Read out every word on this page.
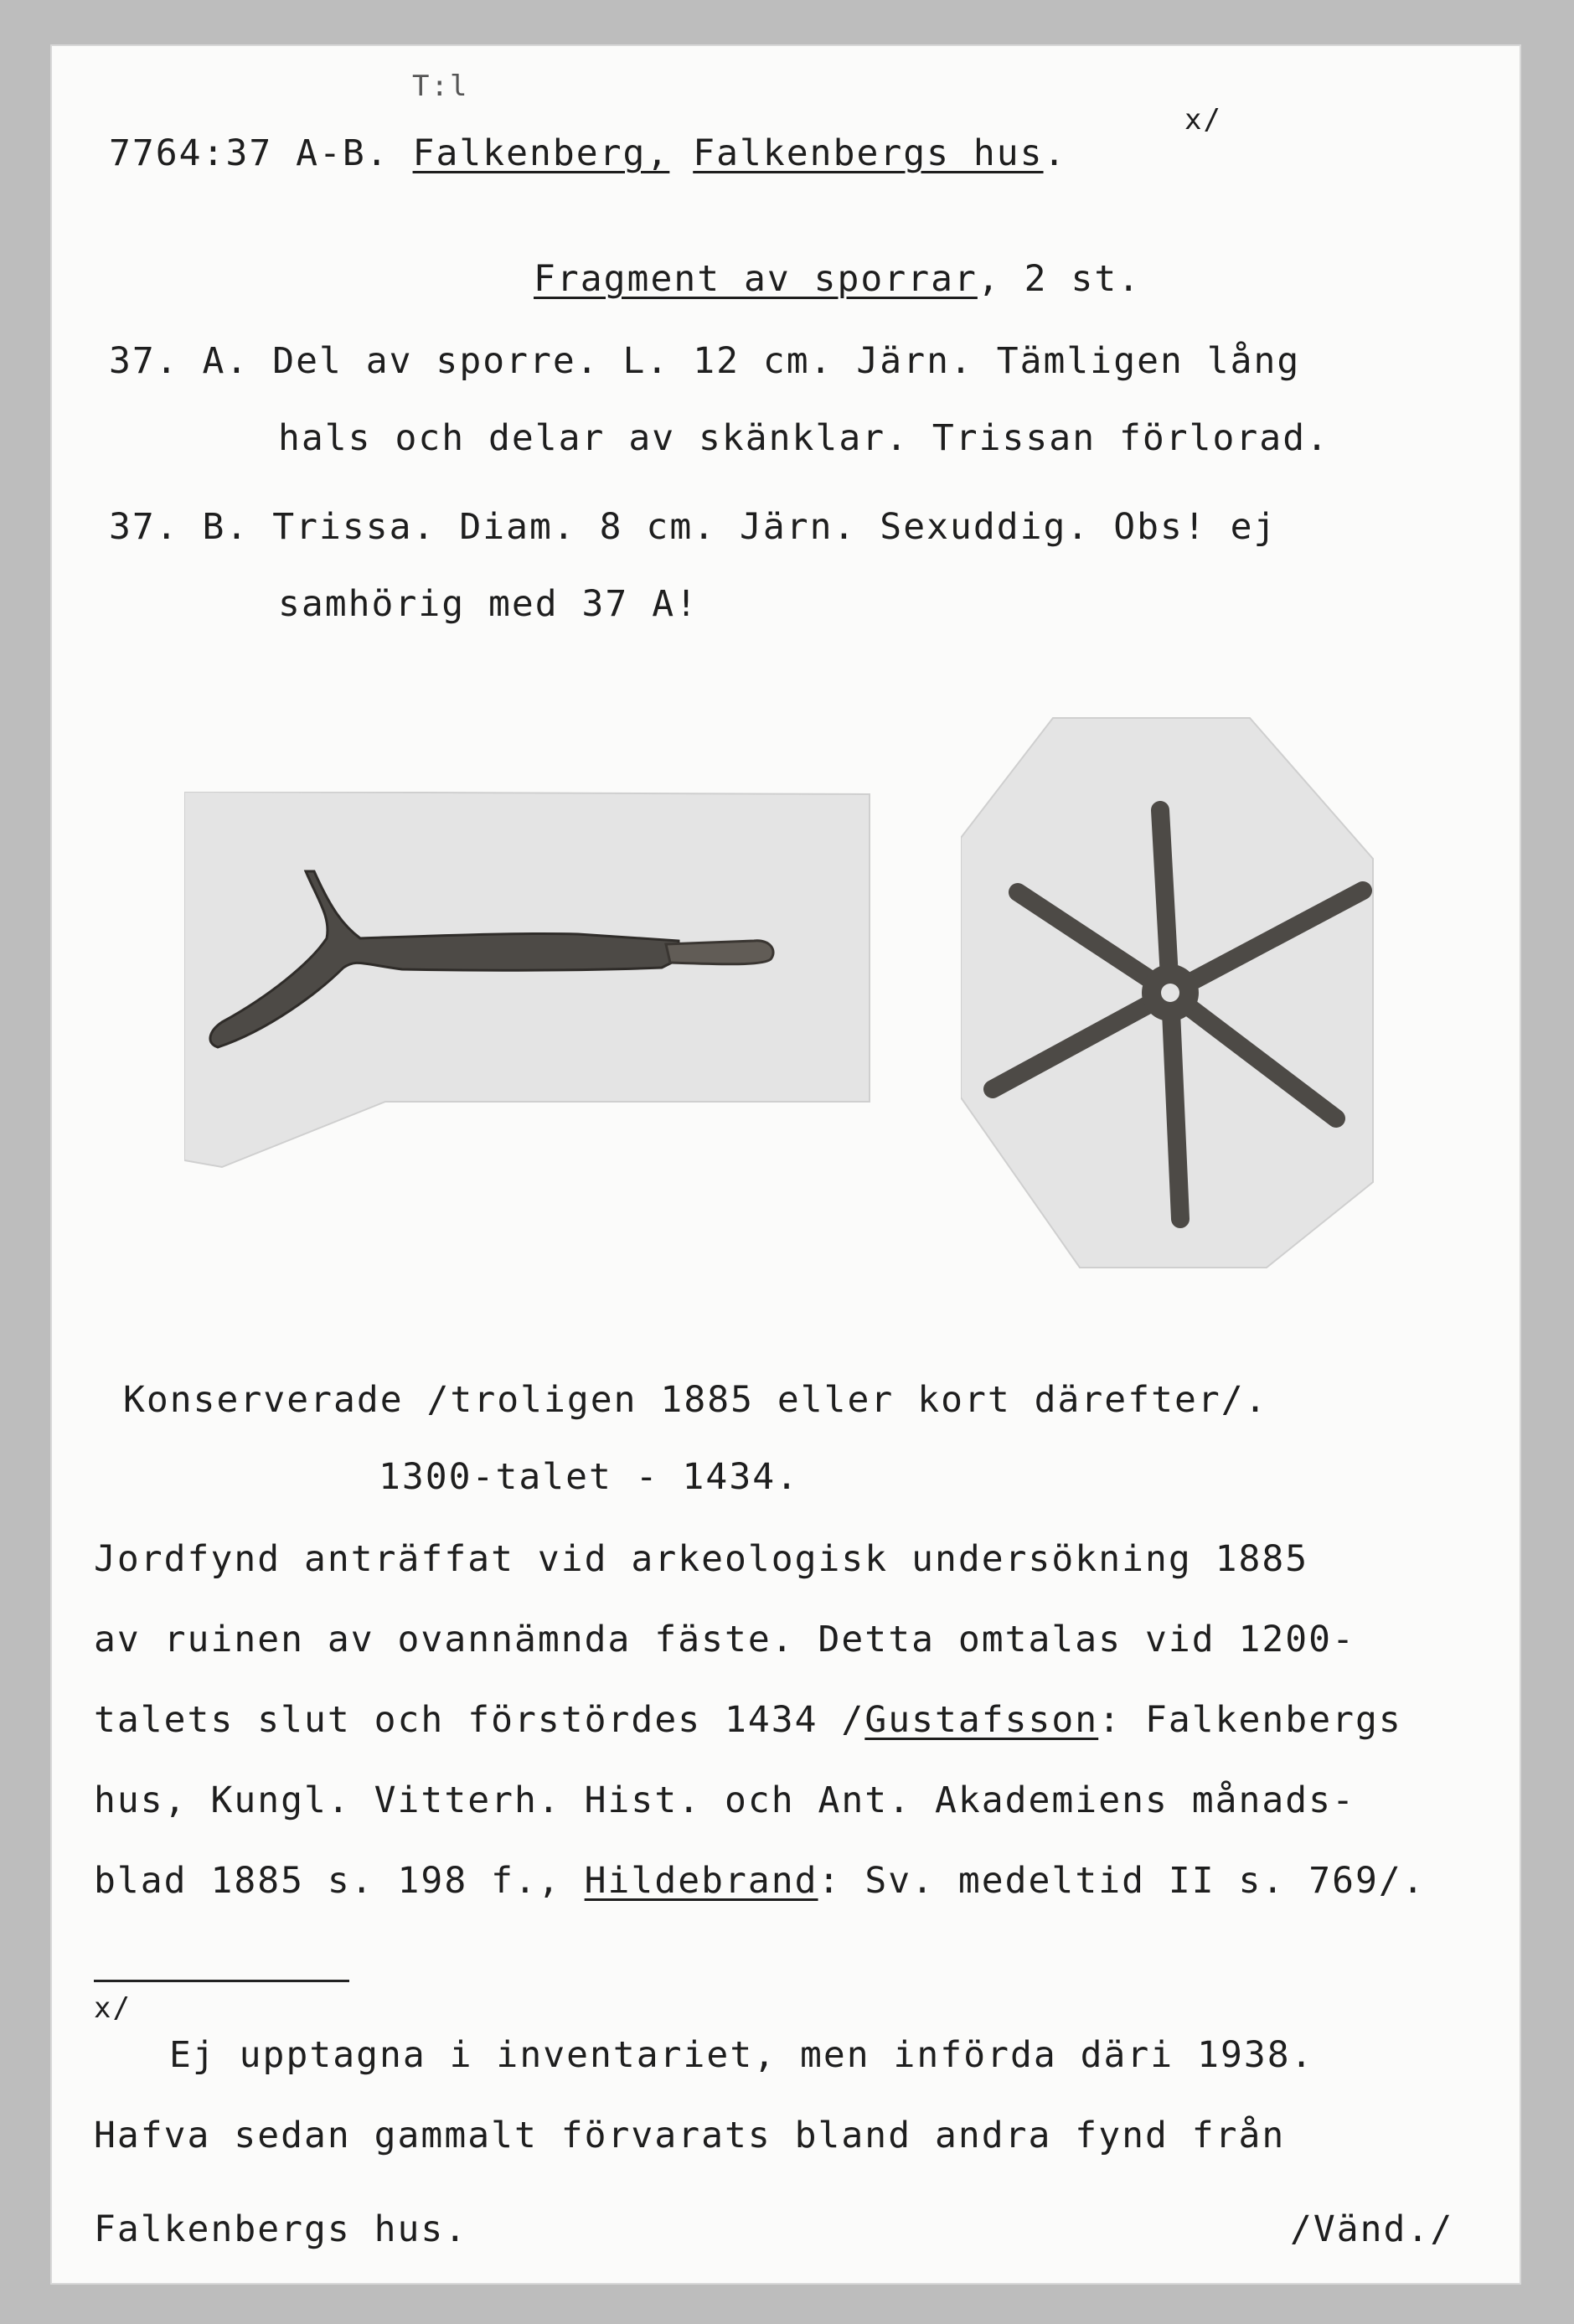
T:l
x/
7764:37 A-B. Falkenberg, Falkenbergs hus.
Fragment av sporrar, 2 st.
37. A. Del av sporre. L. 12 cm. Järn. Tämligen lång
hals och delar av skänklar. Trissan förlorad.
37. B. Trissa. Diam. 8 cm. Järn. Sexuddig. Obs! ej
samhörig med 37 A!
Konserverade /troligen 1885 eller kort därefter/.
1300-talet - 1434.
Jordfynd anträffat vid arkeologisk undersökning 1885
av ruinen av ovannämnda fäste. Detta omtalas vid 1200-
talets slut och förstördes 1434 /Gustafsson: Falkenbergs
hus, Kungl. Vitterh. Hist. och Ant. Akademiens månads-
blad 1885 s. 198 f., Hildebrand: Sv. medeltid II s. 769/.
x/
Ej upptagna i inventariet, men införda däri 1938.
Hafva sedan gammalt förvarats bland andra fynd från
Falkenbergs hus.	/Vänd./
